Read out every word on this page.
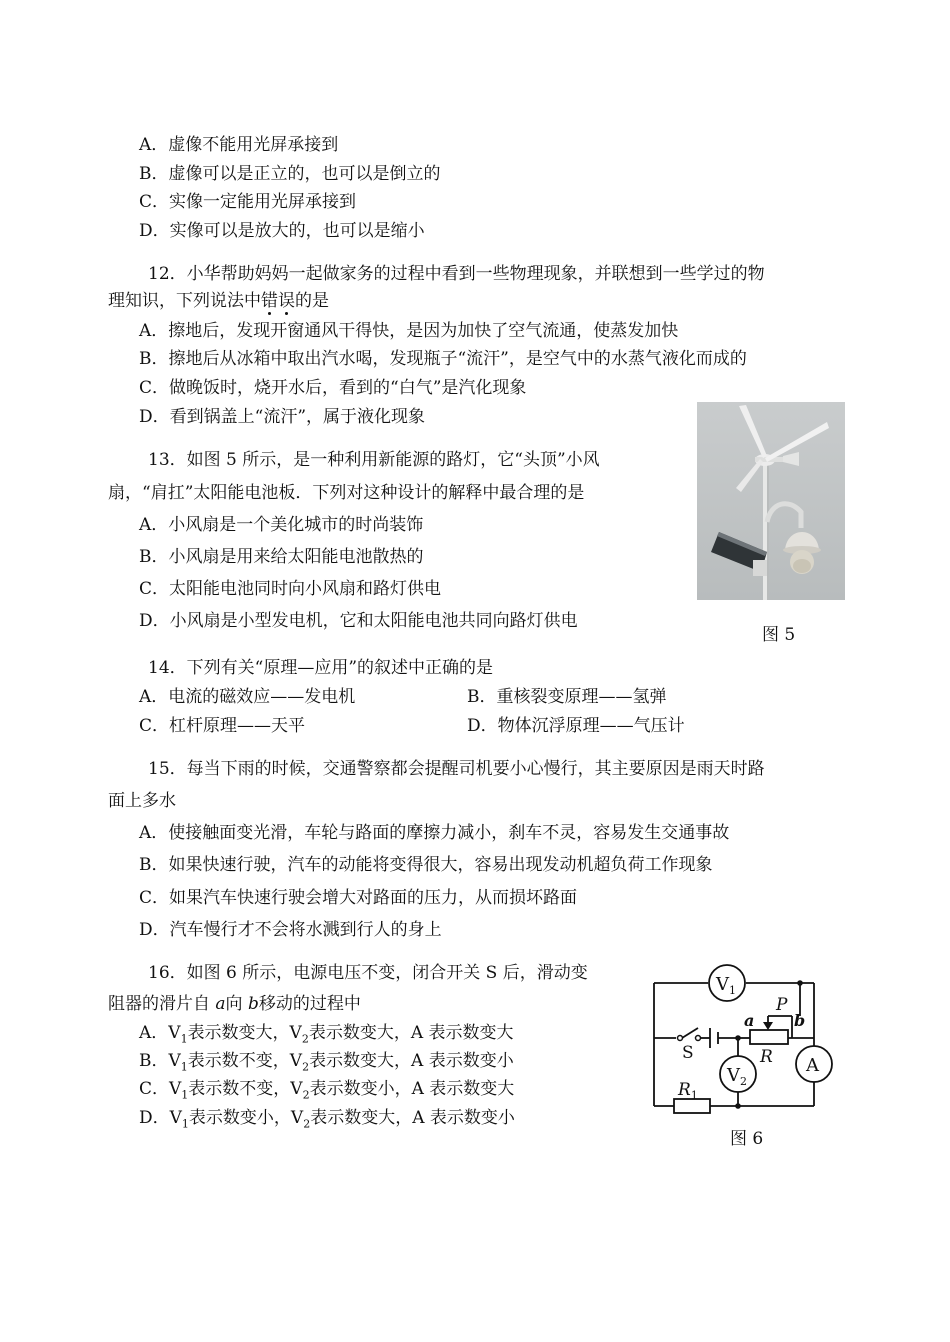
A．虚像不能用光屏承接到
B．虚像可以是正立的，也可以是倒立的
C．实像一定能用光屏承接到
D．实像可以是放大的，也可以是缩小
12．小华帮助妈妈一起做家务的过程中看到一些物理现象，并联想到一些学过的物
理知识，下列说法中错误
的是
A．擦地后，发现开窗通风干得快，是因为加快了空气流通，使蒸发加快
B．擦地后从冰箱中取出汽水喝，发现瓶子“流汗”，是空气中的水蒸气液化而成的
C．做晚饭时，烧开水后，看到的“白气”是汽化现象
D．看到锅盖上“流汗”，属于液化现象
13．如图 5 所示，是一种利用新能源的路灯，它“头顶”小风
扇，“肩扛”太阳能电池板．下列对这种设计的解释中最合理的是
A．小风扇是一个美化城市的时尚装饰
B．小风扇是用来给太阳能电池散热的
C．太阳能电池同时向小风扇和路灯供电
D．小风扇是小型发电机，它和太阳能电池共同向路灯供电
图 5
14．下列有关“原理—应用”的叙述中正确的是
A．电流的磁效应——发电机	B．重核裂变原理——氢弹
C．杠杆原理——天平	D．物体沉浮原理——气压计
15．每当下雨的时候，交通警察都会提醒司机要小心慢行，其主要原因是雨天时路
面上多水
A．使接触面变光滑，车轮与路面的摩擦力减小，刹车不灵，容易发生交通事故
B．如果快速行驶，汽车的动能将变得很大，容易出现发动机超负荷工作现象
C．如果汽车快速行驶会增大对路面的压力，从而损坏路面
D．汽车慢行才不会将水溅到行人的身上
16．如图 6 所示，电源电压不变，闭合开关 S 后，滑动变
阻器的滑片自 a向 b移动的过程中
A．$V_1$表示数变大，$V_2$表示数变大，A 表示数变大
B．$V_1$表示数不变，$V_2$表示数变大，A 表示数变小
C．$V_1$表示数不变，$V_2$表示数变小，A 表示数变大
D．$V_1$表示数变小，$V_2$表示数变大，A 表示数变小
$V_1$
$V_2$
A
S	R
$R_1$
P
a b
图 6
